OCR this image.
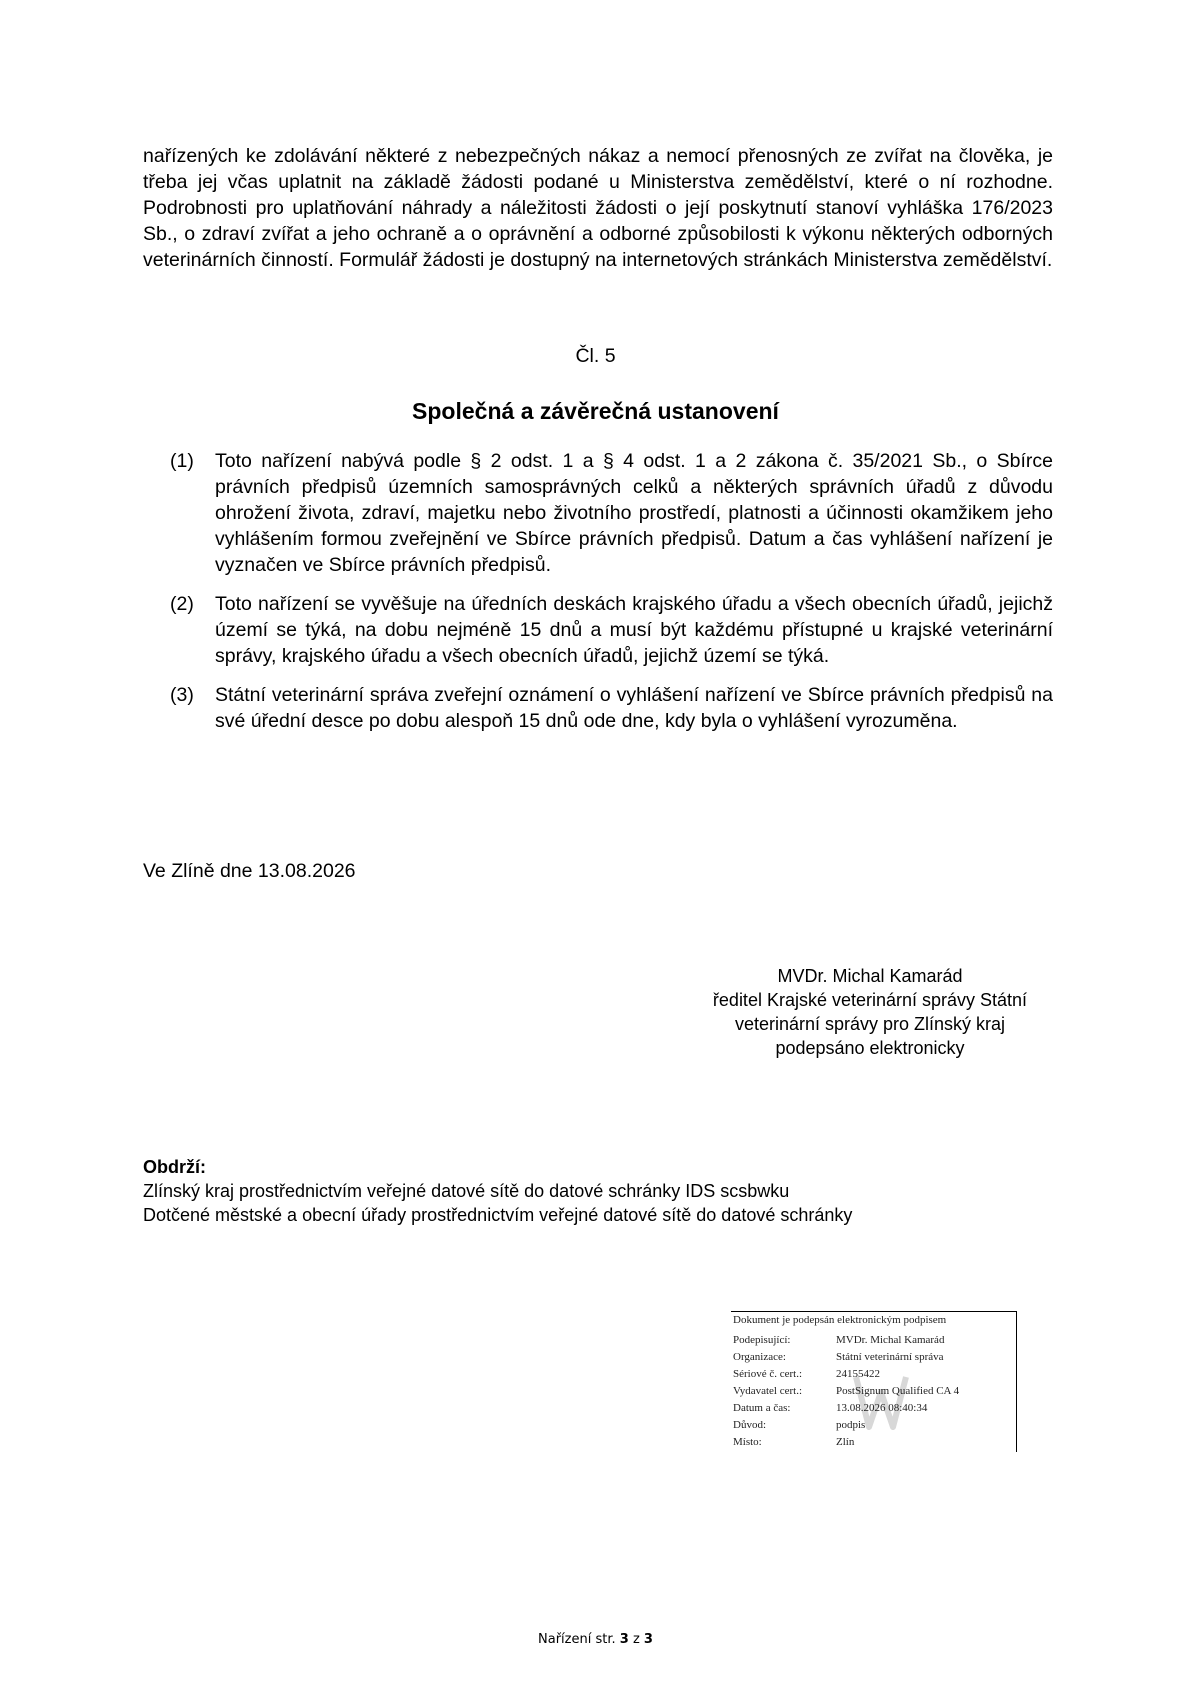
nařízených ke zdolávání některé z nebezpečných nákaz a nemocí přenosných ze zvířat na člověka, je třeba jej včas uplatnit na základě žádosti podané u Ministerstva zemědělství, které o ní rozhodne. Podrobnosti pro uplatňování náhrady a náležitosti žádosti o její poskytnutí stanoví vyhláška 176/2023 Sb., o zdraví zvířat a jeho ochraně a o oprávnění a odborné způsobilosti k výkonu některých odborných veterinárních činností. Formulář žádosti je dostupný na internetových stránkách Ministerstva zemědělství.

Čl. 5

Společná a závěrečná ustanovení
(1)	Toto nařízení nabývá podle § 2 odst. 1 a § 4 odst. 1 a 2 zákona č. 35/2021 Sb., o Sbírce právních předpisů územních samosprávných celků a některých správních úřadů z důvodu ohrožení života, zdraví, majetku nebo životního prostředí, platnosti a účinnosti okamžikem jeho vyhlášením formou zveřejnění ve Sbírce právních předpisů. Datum a čas vyhlášení nařízení je vyznačen ve Sbírce právních předpisů.
(2)	Toto nařízení se vyvěšuje na úředních deskách krajského úřadu a všech obecních úřadů, jejichž území se týká, na dobu nejméně 15 dnů a musí být každému přístupné u krajské veterinární správy, krajského úřadu a všech obecních úřadů, jejichž území se týká.
(3)	Státní veterinární správa zveřejní oznámení o vyhlášení nařízení ve Sbírce právních předpisů na své úřední desce po dobu alespoň 15 dnů ode dne, kdy byla o vyhlášení vyrozuměna.

Ve Zlíně dne 13.08.2026

MVDr. Michal Kamarád
ředitel Krajské veterinární správy Státní
veterinární správy pro Zlínský kraj
podepsáno elektronicky
Obdrží:
Zlínský kraj prostřednictvím veřejné datové sítě do datové schránky IDS scsbwku
Dotčené městské a obecní úřady prostřednictvím veřejné datové sítě do datové schránky
Dokument je podepsán elektronickým podpisem
Podepisující:	MVDr. Michal Kamarád
Organizace:	Státní veterinární správa
Sériové č. cert.:	24155422
Vydavatel cert.:	PostSignum Qualified CA 4
Datum a čas:	13.08.2026 08:40:34
Důvod:	podpis
Místo:	Zlín
Nařízení str. 3 z 3
